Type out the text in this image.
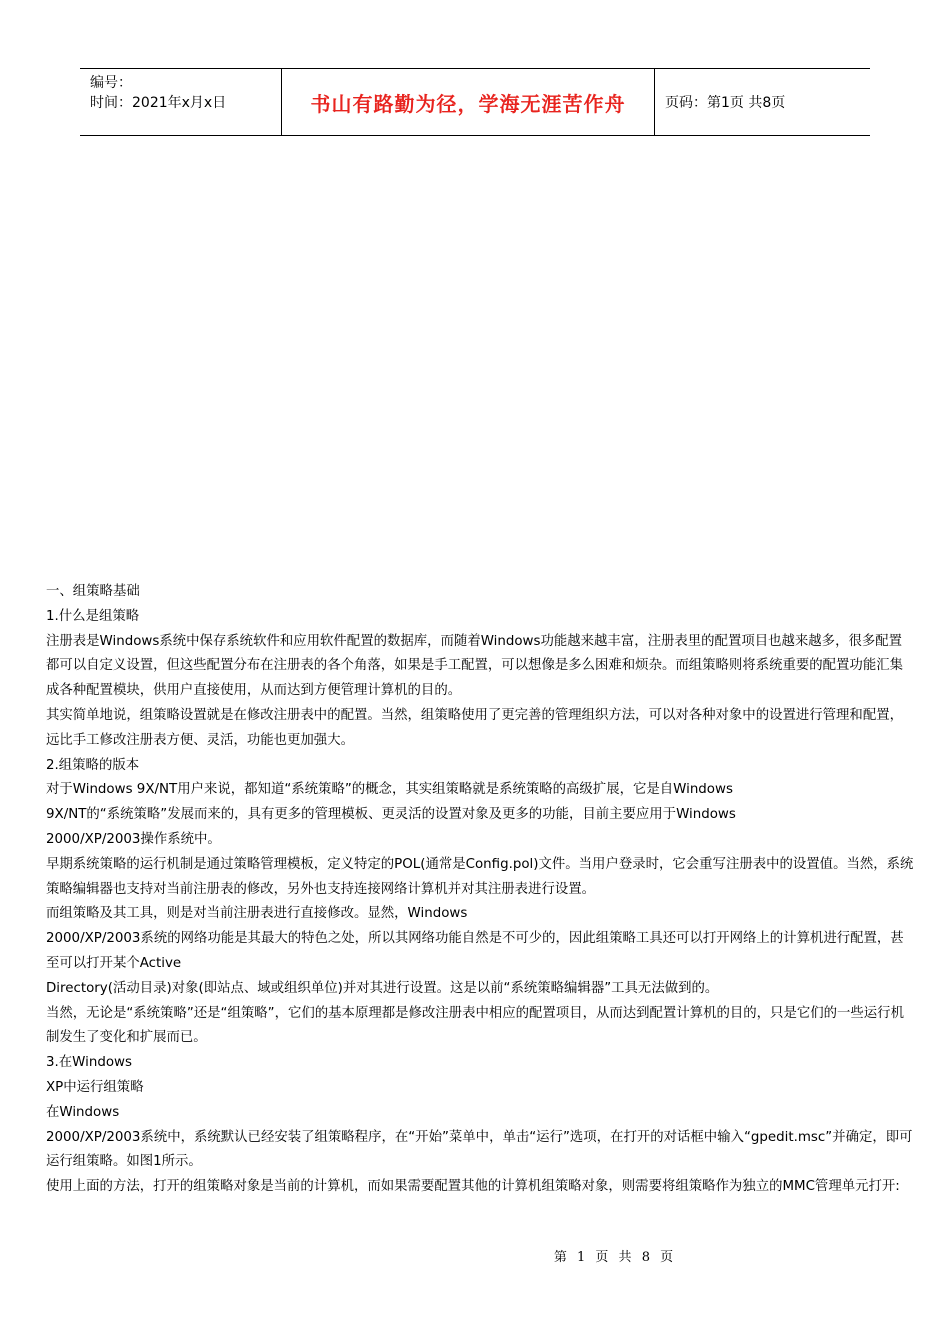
编号：
时间：2021年x月x日	书山有路勤为径，学海无涯苦作舟	页码：第1页 共8页

一、组策略基础

1.什么是组策略

注册表是Windows系统中保存系统软件和应用软件配置的数据库，而随着Windows功能越来越丰富，注册表里的配置项目也越来越多，很多配置都可以自定义设置，但这些配置分布在注册表的各个角落，如果是手工配置，可以想像是多么困难和烦杂。而组策略则将系统重要的配置功能汇集成各种配置模块，供用户直接使用，从而达到方便管理计算机的目的。

其实简单地说，组策略设置就是在修改注册表中的配置。当然，组策略使用了更完善的管理组织方法，可以对各种对象中的设置进行管理和配置，远比手工修改注册表方便、灵活，功能也更加强大。

2.组策略的版本

对于Windows 9X/NT用户来说，都知道“系统策略”的概念，其实组策略就是系统策略的高级扩展，它是自Windows

9X/NT的“系统策略”发展而来的，具有更多的管理模板、更灵活的设置对象及更多的功能，目前主要应用于Windows

2000/XP/2003操作系统中。

早期系统策略的运行机制是通过策略管理模板，定义特定的POL(通常是Config.pol)文件。当用户登录时，它会重写注册表中的设置值。当然，系统策略编辑器也支持对当前注册表的修改，另外也支持连接网络计算机并对其注册表进行设置。

而组策略及其工具，则是对当前注册表进行直接修改。显然，Windows

2000/XP/2003系统的网络功能是其最大的特色之处，所以其网络功能自然是不可少的，因此组策略工具还可以打开网络上的计算机进行配置，甚至可以打开某个Active

Directory(活动目录)对象(即站点、域或组织单位)并对其进行设置。这是以前“系统策略编辑器”工具无法做到的。

当然，无论是“系统策略”还是“组策略”，它们的基本原理都是修改注册表中相应的配置项目，从而达到配置计算机的目的，只是它们的一些运行机制发生了变化和扩展而已。

3.在Windows

XP中运行组策略

在Windows

2000/XP/2003系统中，系统默认已经安装了组策略程序，在“开始”菜单中，单击“运行”选项，在打开的对话框中输入“gpedit.msc”并确定，即可运行组策略。如图1所示。

使用上面的方法，打开的组策略对象是当前的计算机，而如果需要配置其他的计算机组策略对象，则需要将组策略作为独立的MMC管理单元打开:

第 1 页 共 8 页
